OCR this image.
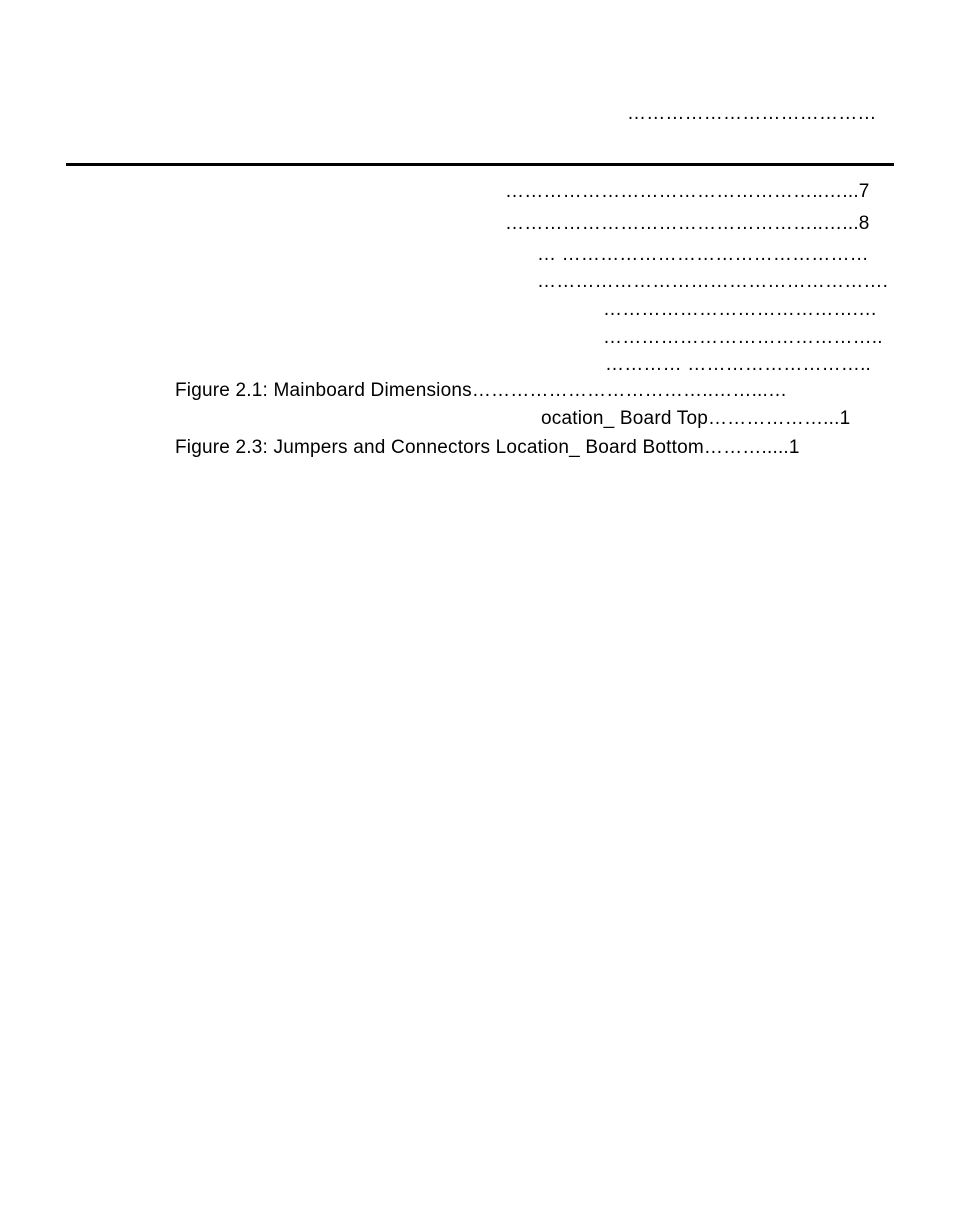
…………………………………
…………………………………………..…...7
…………………………………………..…...8
… …………………………………………
……………………………………………….
………………………………….…
……………………………………..
………… ………………………..
Figure 2.1: Mainboard Dimensions………………………………..……...…
ocation_ Board Top………………...1
Figure 2.3: Jumpers and Connectors Location_ Board Bottom……….....1
